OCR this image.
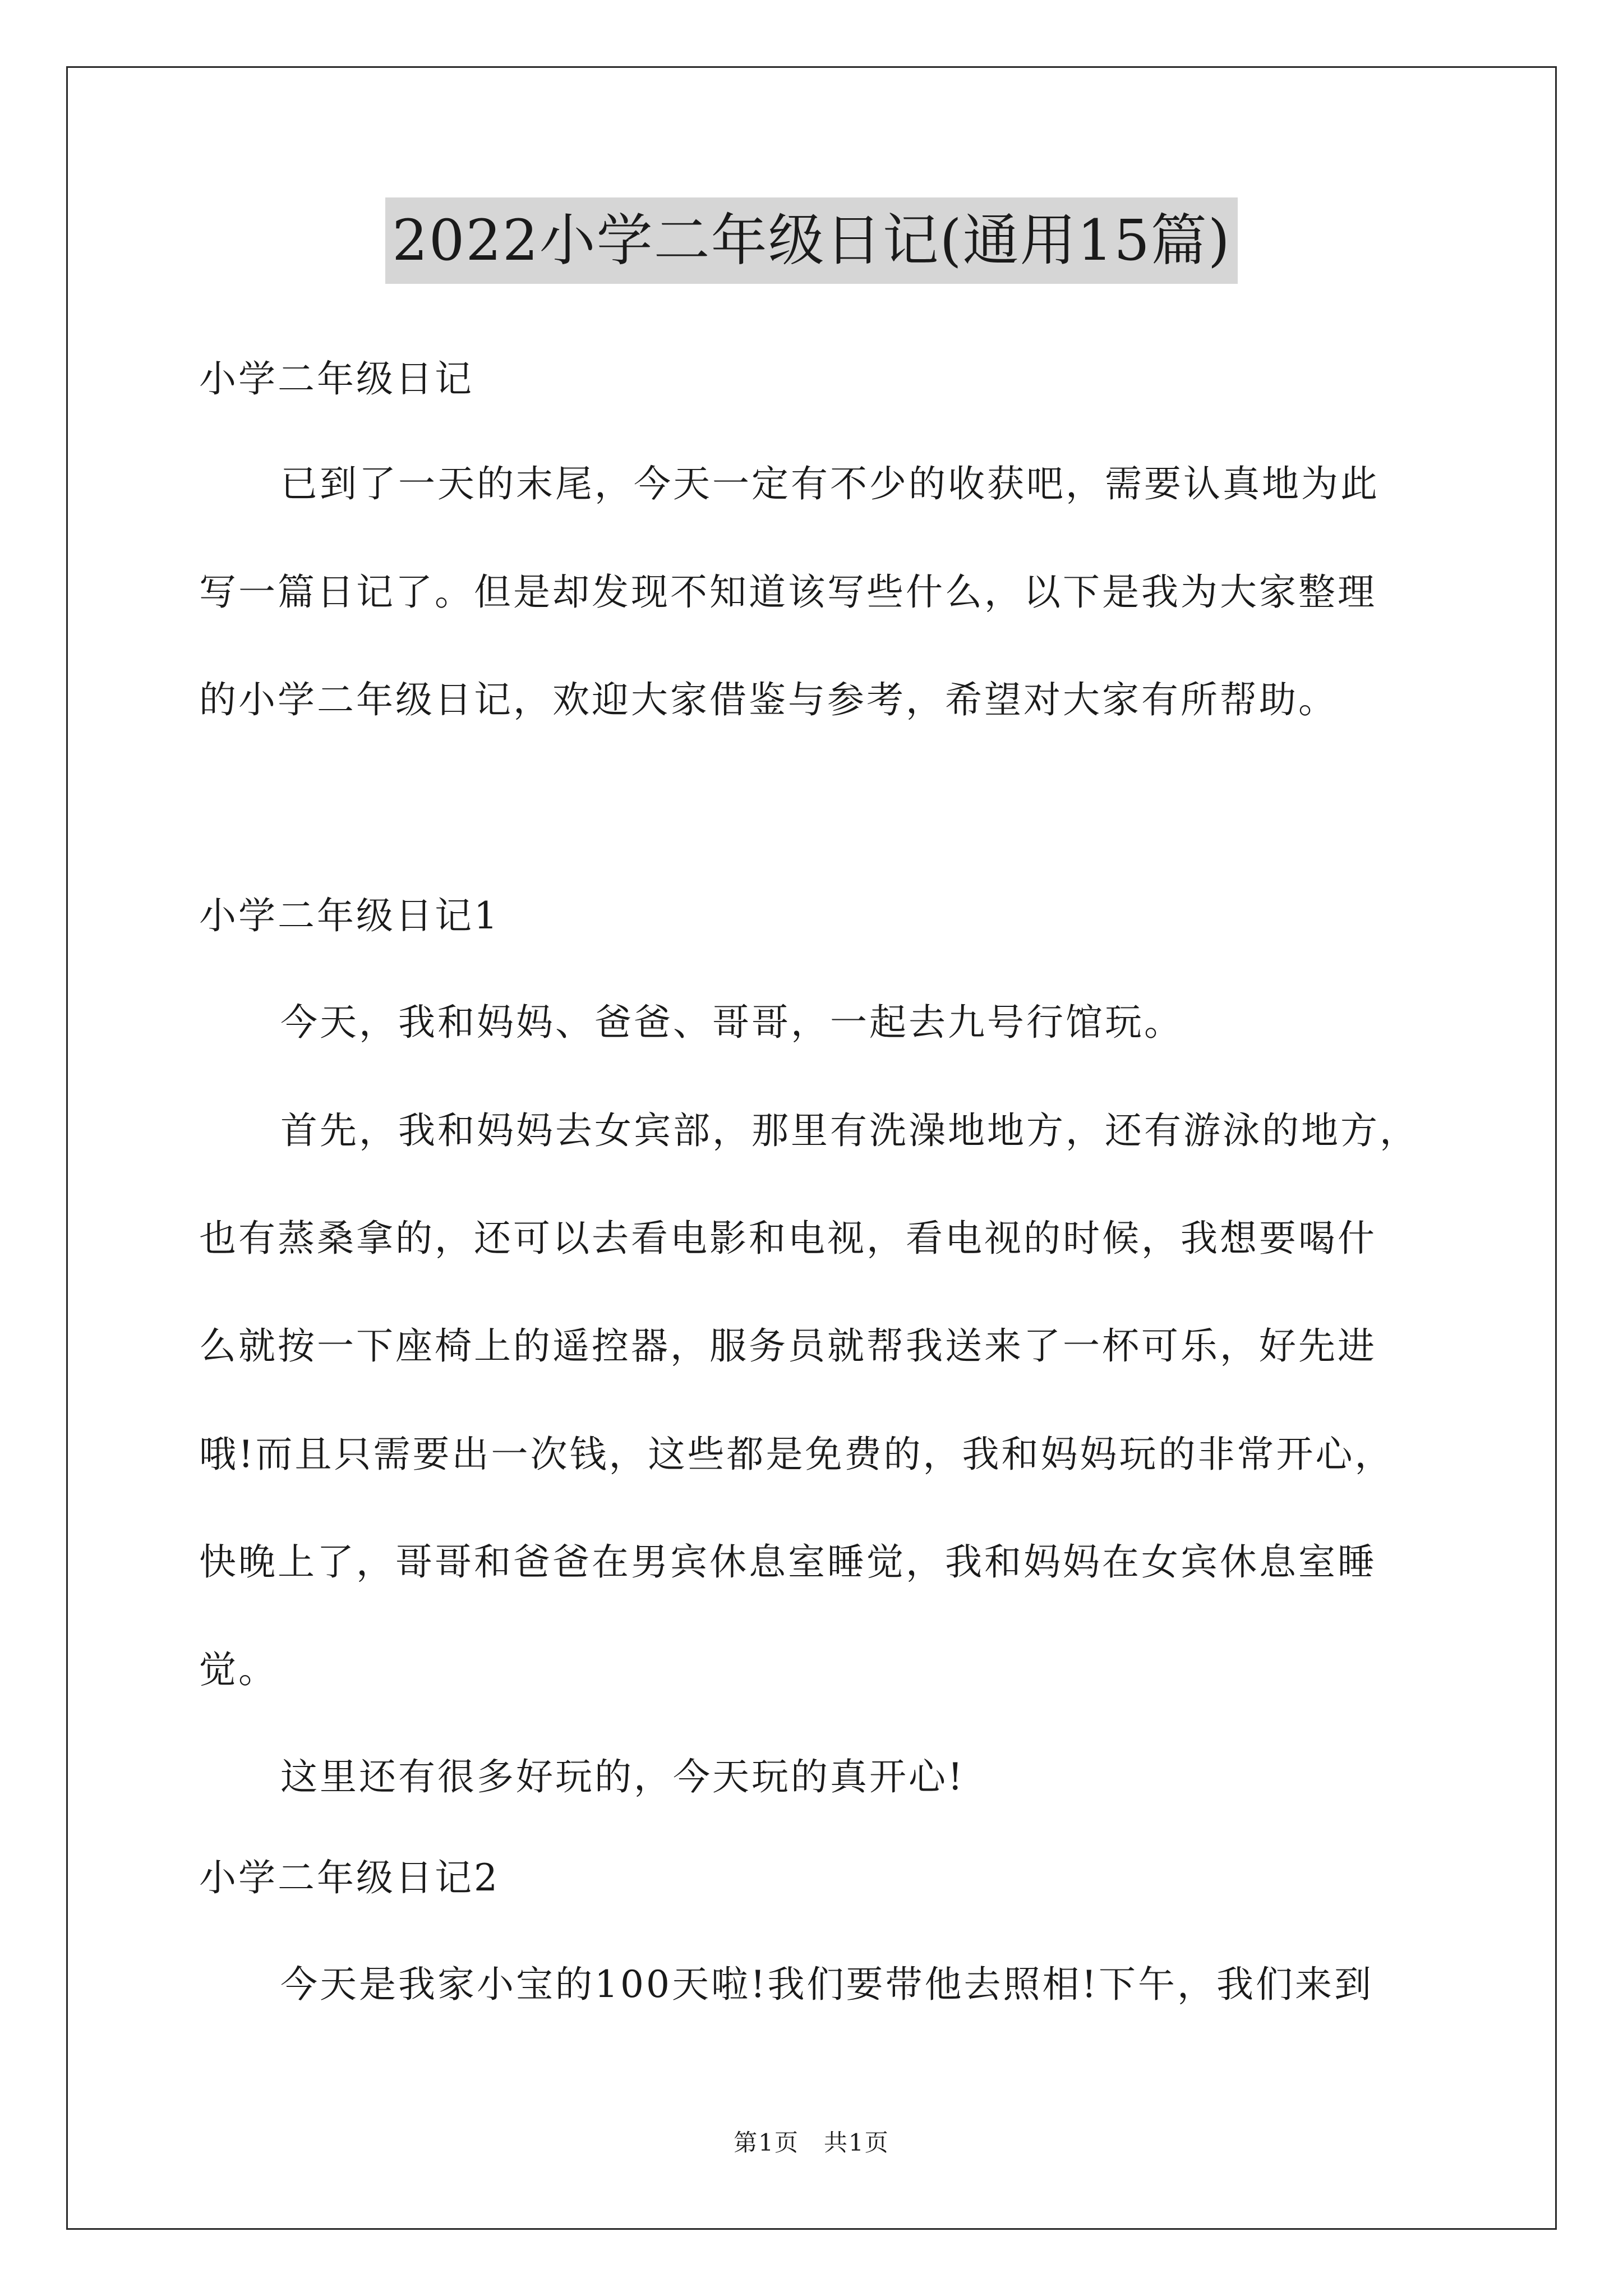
2022小学二年级日记(通用15篇)
小学二年级日记
已到了一天的末尾，今天一定有不少的收获吧，需要认真地为此
写一篇日记了。但是却发现不知道该写些什么，以下是我为大家整理
的小学二年级日记，欢迎大家借鉴与参考，希望对大家有所帮助。
小学二年级日记1
今天，我和妈妈、爸爸、哥哥，一起去九号行馆玩。
首先，我和妈妈去女宾部，那里有洗澡地地方，还有游泳的地方，
也有蒸桑拿的，还可以去看电影和电视，看电视的时候，我想要喝什
么就按一下座椅上的遥控器，服务员就帮我送来了一杯可乐，好先进
哦!而且只需要出一次钱，这些都是免费的，我和妈妈玩的非常开心，
快晚上了，哥哥和爸爸在男宾休息室睡觉，我和妈妈在女宾休息室睡
觉。
这里还有很多好玩的，今天玩的真开心!
小学二年级日记2
今天是我家小宝的100天啦!我们要带他去照相!下午，我们来到
第1页　共1页
